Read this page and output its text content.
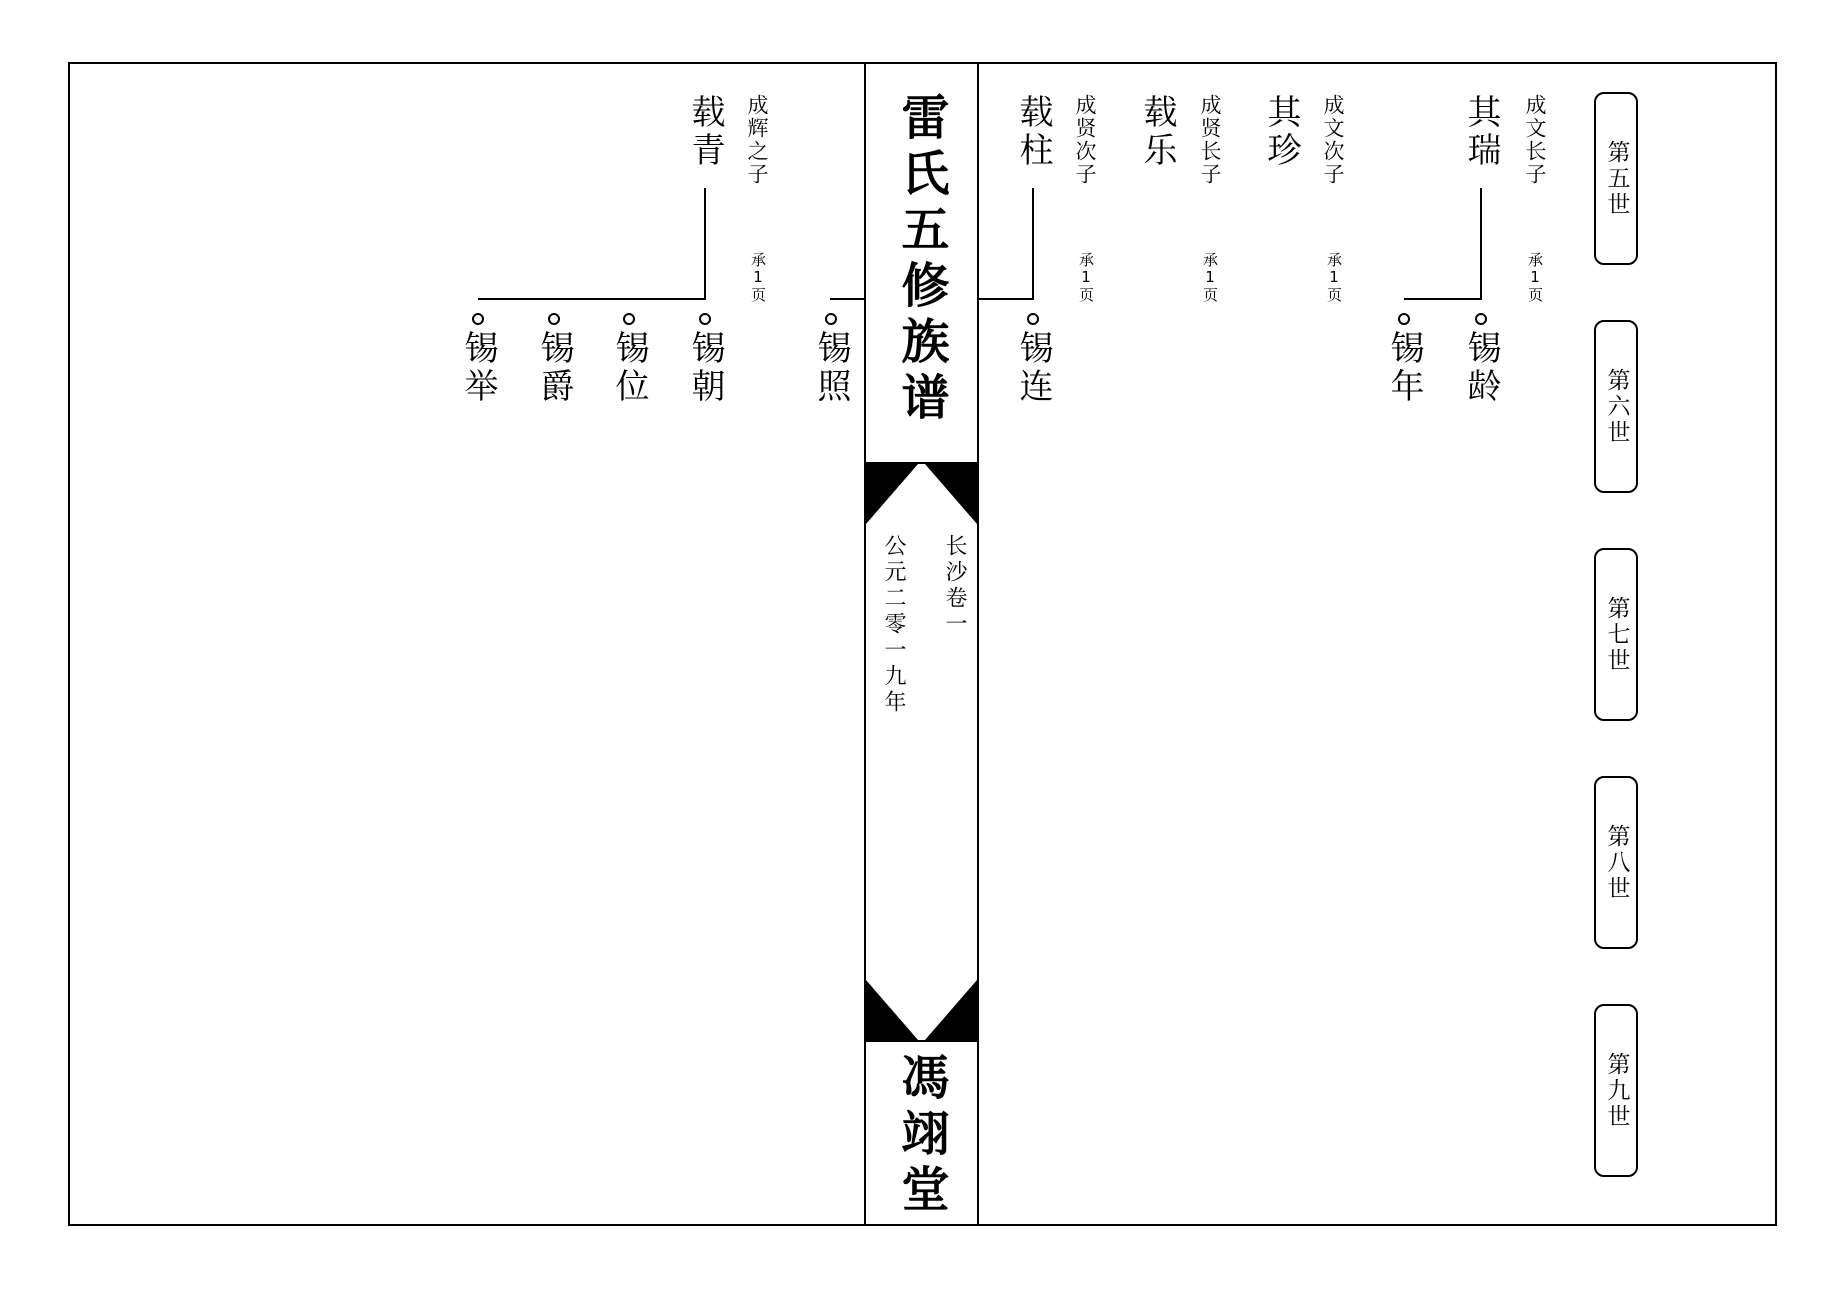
雷氏五修族谱
长沙卷一
公元二零一九年
馮翊堂
第五世
第六世
第七世
第八世
第九世
成文长子
其瑞
承1页
锡龄
锡年
成文次子
其珍
承1页
成贤长子
载乐
承1页
成贤次子
载柱
承1页
锡连
锡照
成辉之子
载青
承1页
锡朝
锡位
锡爵
锡举
